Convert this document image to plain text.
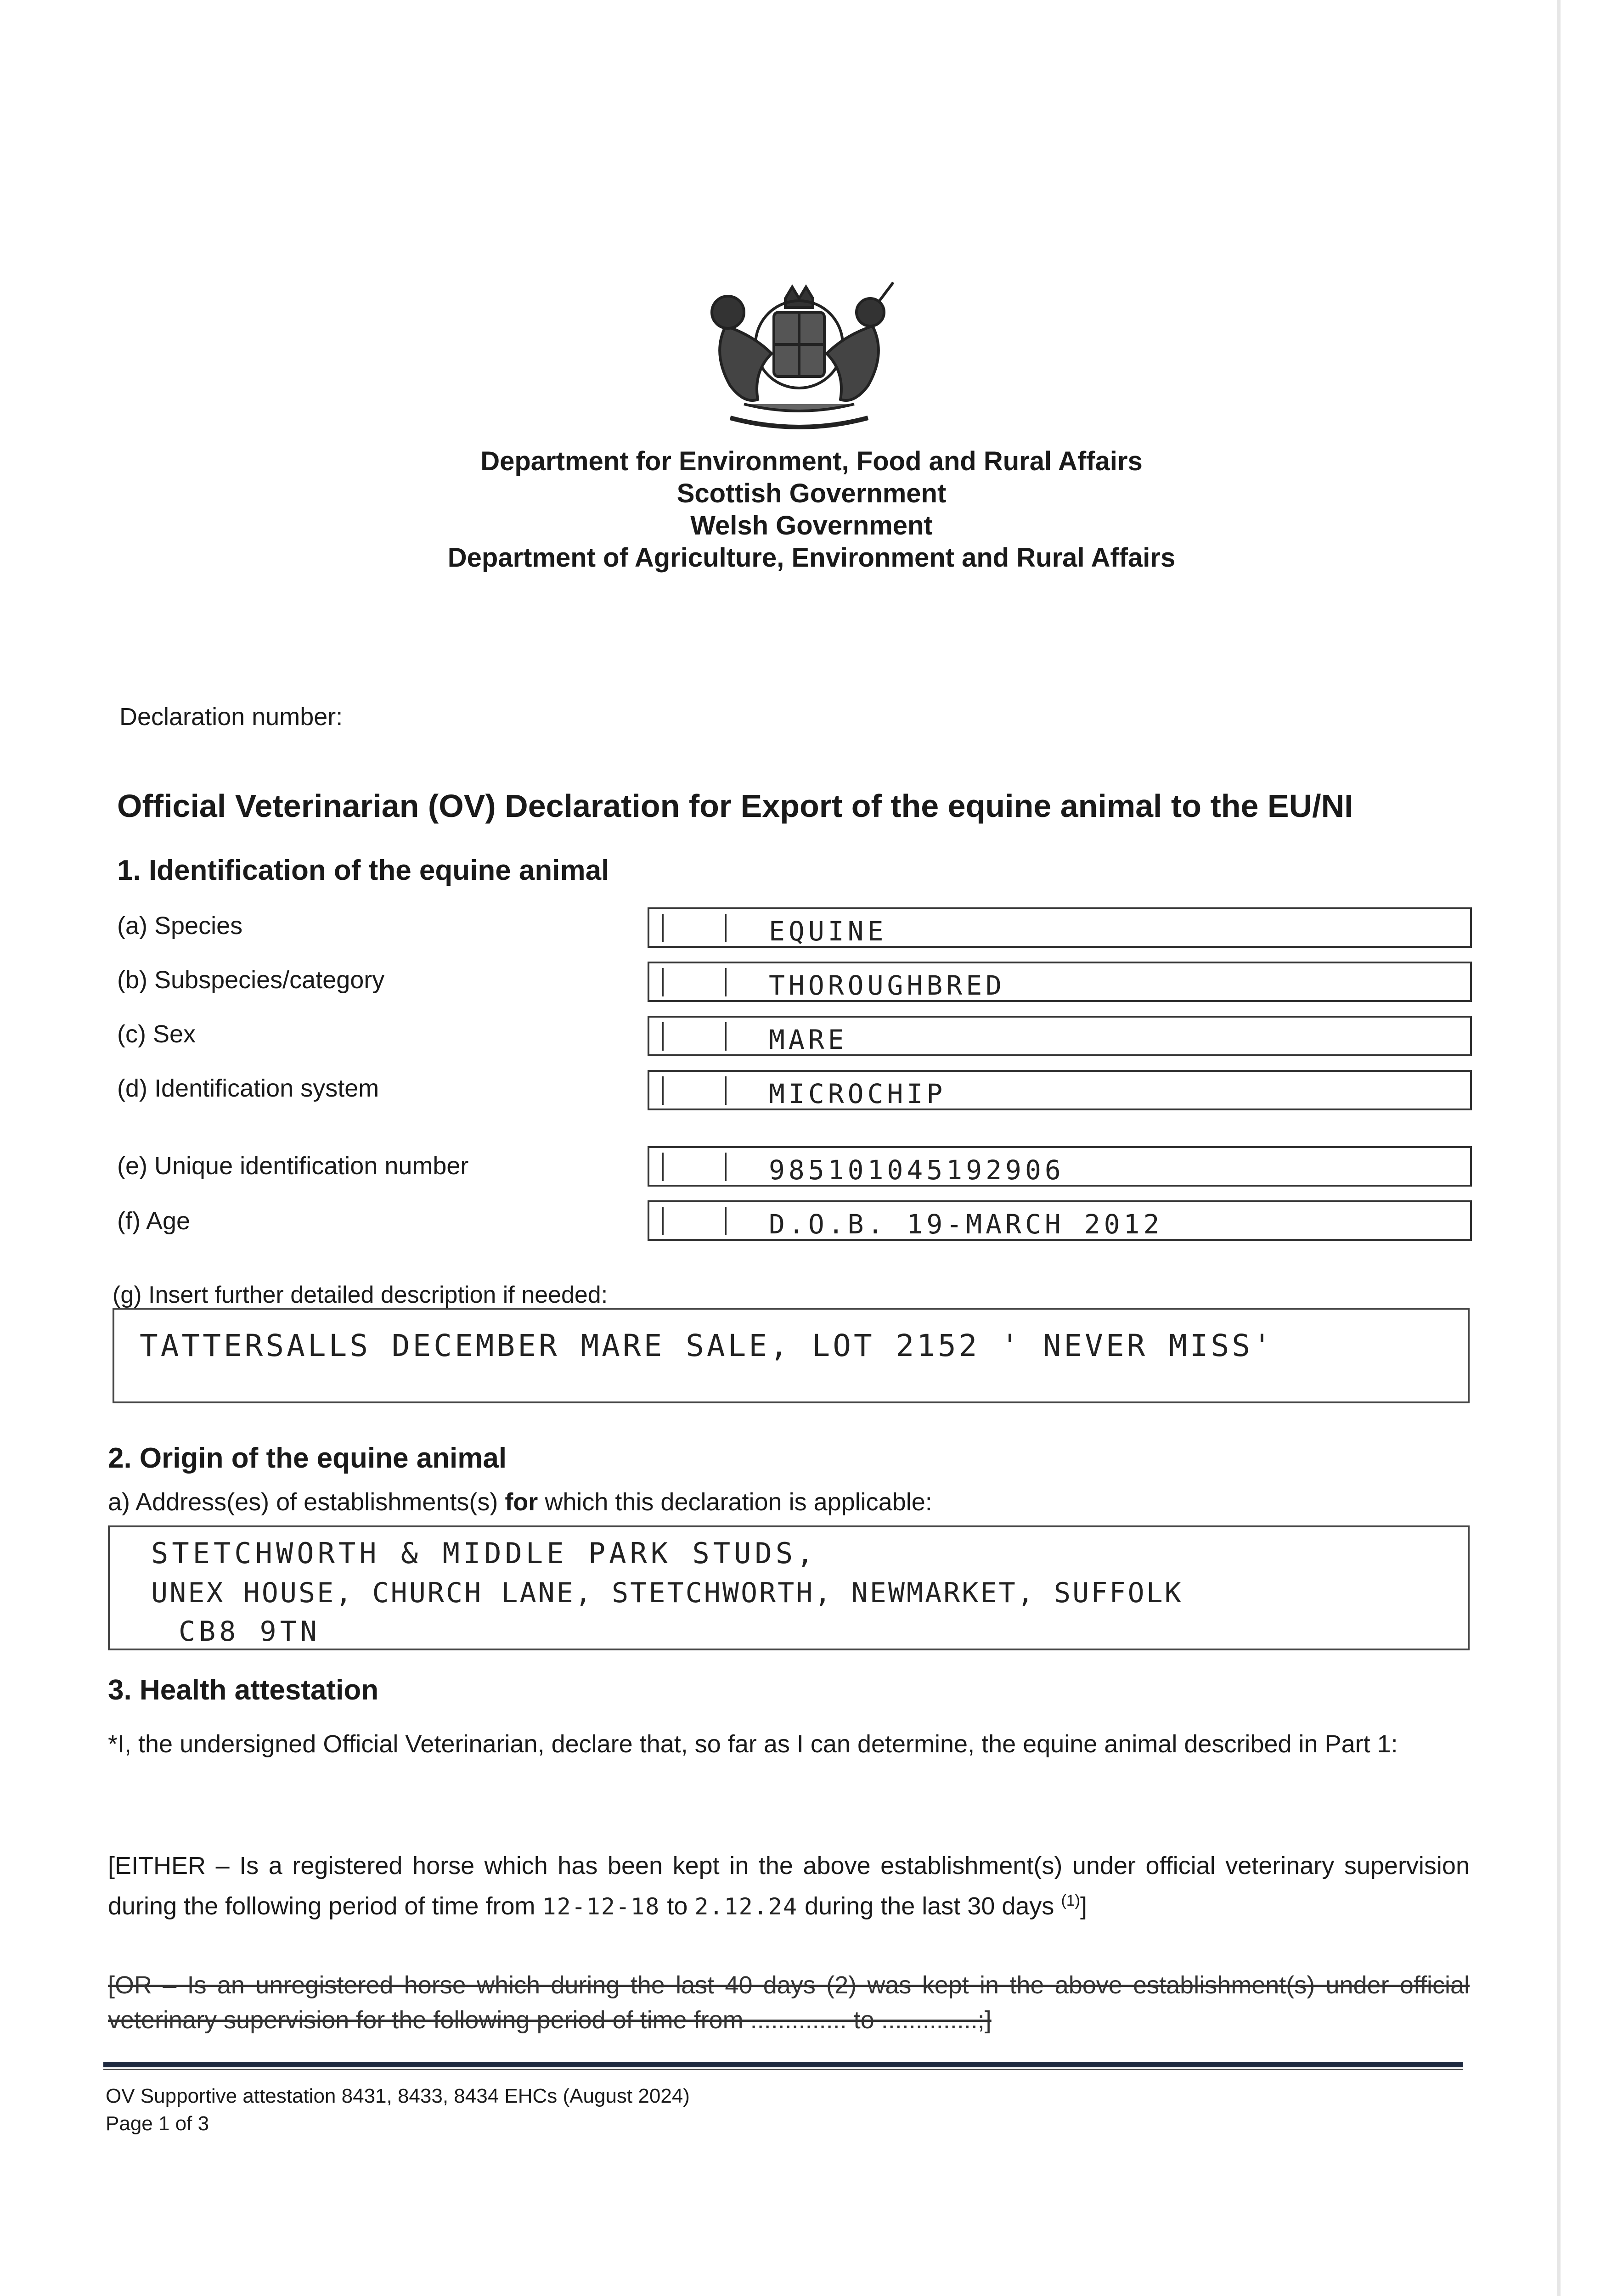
Department for Environment, Food and Rural Affairs
Scottish Government
Welsh Government
Department of Agriculture, Environment and Rural Affairs
Declaration number:
Official Veterinarian (OV) Declaration for Export of the equine animal to the EU/NI
1. Identification of the equine animal
(a) Species	EQUINE
(b) Subspecies/category	THOROUGHBRED
(c) Sex	MARE
(d) Identification system	MICROCHIP
(e) Unique identification number	985101045192906
(f) Age	D.O.B. 19-MARCH 2012
(g) Insert further detailed description if needed:
TATTERSALLS DECEMBER MARE SALE, LOT 2152 ' NEVER MISS'
2. Origin of the equine animal
a) Address(es) of establishments(s) for which this declaration is applicable:
STETCHWORTH & MIDDLE PARK STUDS,
UNEX HOUSE, CHURCH LANE, STETCHWORTH, NEWMARKET, SUFFOLK
CB8 9TN
3. Health attestation
*I, the undersigned Official Veterinarian, declare that, so far as I can determine, the equine animal described in Part 1:
[EITHER – Is a registered horse which has been kept in the above establishment(s) under official veterinary supervision during the following period of time from 12-12-18 to 2.12.24 during the last 30 days $^{(1)}$]
[OR – Is an unregistered horse which during the last 40 days (2) was kept in the above establishment(s) under official veterinary supervision for the following period of time from .............. to ..............;]
OV Supportive attestation 8431, 8433, 8434 EHCs (August 2024)
Page 1 of 3
